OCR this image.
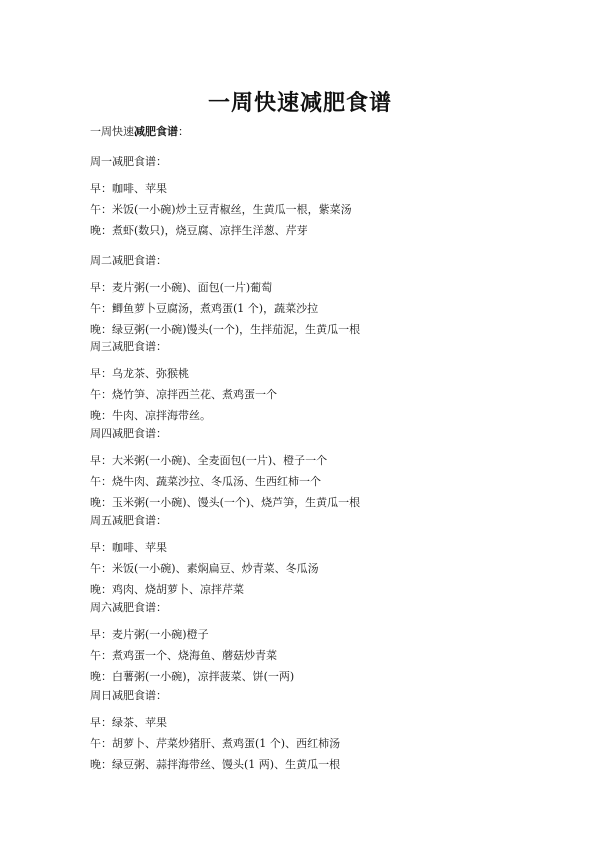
一周快速减肥食谱
一周快速减肥食谱：
周一减肥食谱：
早：咖啡、苹果
午：米饭(一小碗)炒土豆青椒丝，生黄瓜一根，紫菜汤
晚：煮虾(数只)，烧豆腐、凉拌生洋葱、芹芽
周二减肥食谱：
早：麦片粥(一小碗)、面包(一片)葡萄
午：鲫鱼萝卜豆腐汤，煮鸡蛋(1 个)，蔬菜沙拉
晚：绿豆粥(一小碗)馒头(一个)，生拌茄泥，生黄瓜一根
周三减肥食谱：
早：乌龙茶、弥猴桃
午：烧竹笋、凉拌西兰花、煮鸡蛋一个
晚：牛肉、凉拌海带丝。
周四减肥食谱：
早：大米粥(一小碗)、全麦面包(一片)、橙子一个
午：烧牛肉、蔬菜沙拉、冬瓜汤、生西红柿一个
晚：玉米粥(一小碗)、馒头(一个)、烧芦笋，生黄瓜一根
周五减肥食谱：
早：咖啡、苹果
午：米饭(一小碗)、素焖扁豆、炒青菜、冬瓜汤
晚：鸡肉、烧胡萝卜、凉拌芹菜
周六减肥食谱：
早：麦片粥(一小碗)橙子
午：煮鸡蛋一个、烧海鱼、蘑菇炒青菜
晚：白薯粥(一小碗)，凉拌菠菜、饼(一两)
周日减肥食谱：
早：绿茶、苹果
午：胡萝卜、芹菜炒猪肝、煮鸡蛋(1 个)、西红柿汤
晚：绿豆粥、蒜拌海带丝、馒头(1 两)、生黄瓜一根
